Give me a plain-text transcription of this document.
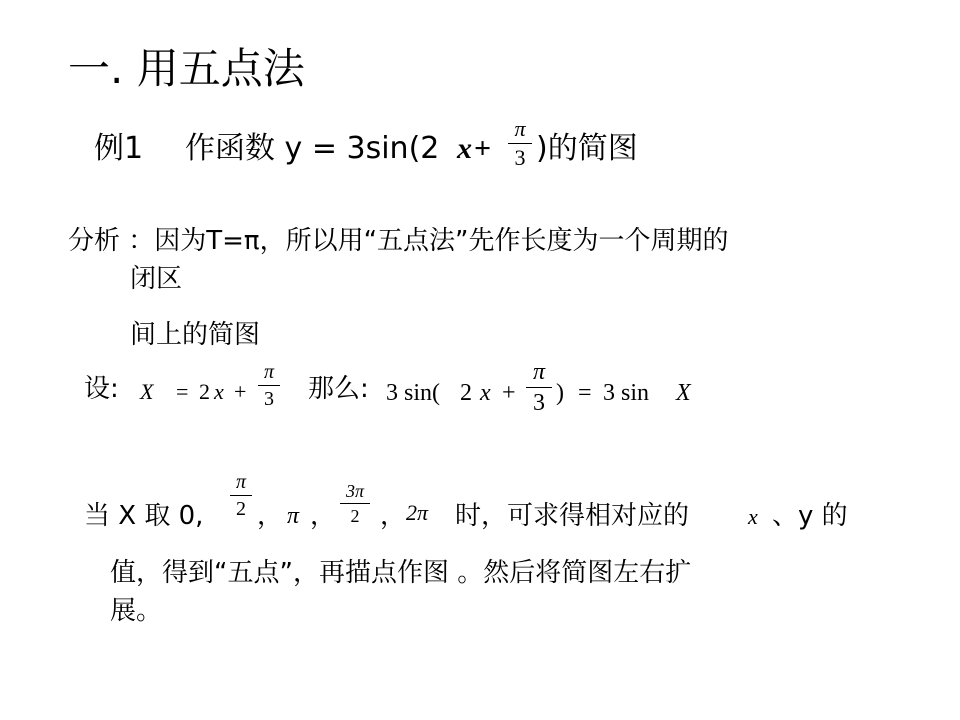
一. 用五点法
例1 作函数 y = 3sin(2 x +
π
3 )的简图
分析 ：因为T=π，所以用“五点法”先作长度为一个周期的
闭区
间上的简图
设: X = 2 x +
π
3 那么: 3 sin( 2 x +
π
3 ) = 3 sin X
当 X 取 0,
π
2 ， π ，
3π
2 ， 2π 时，可求得相对应的	x 、y 的
值，得到“五点”，再描点作图 。然后将简图左右扩
展。
